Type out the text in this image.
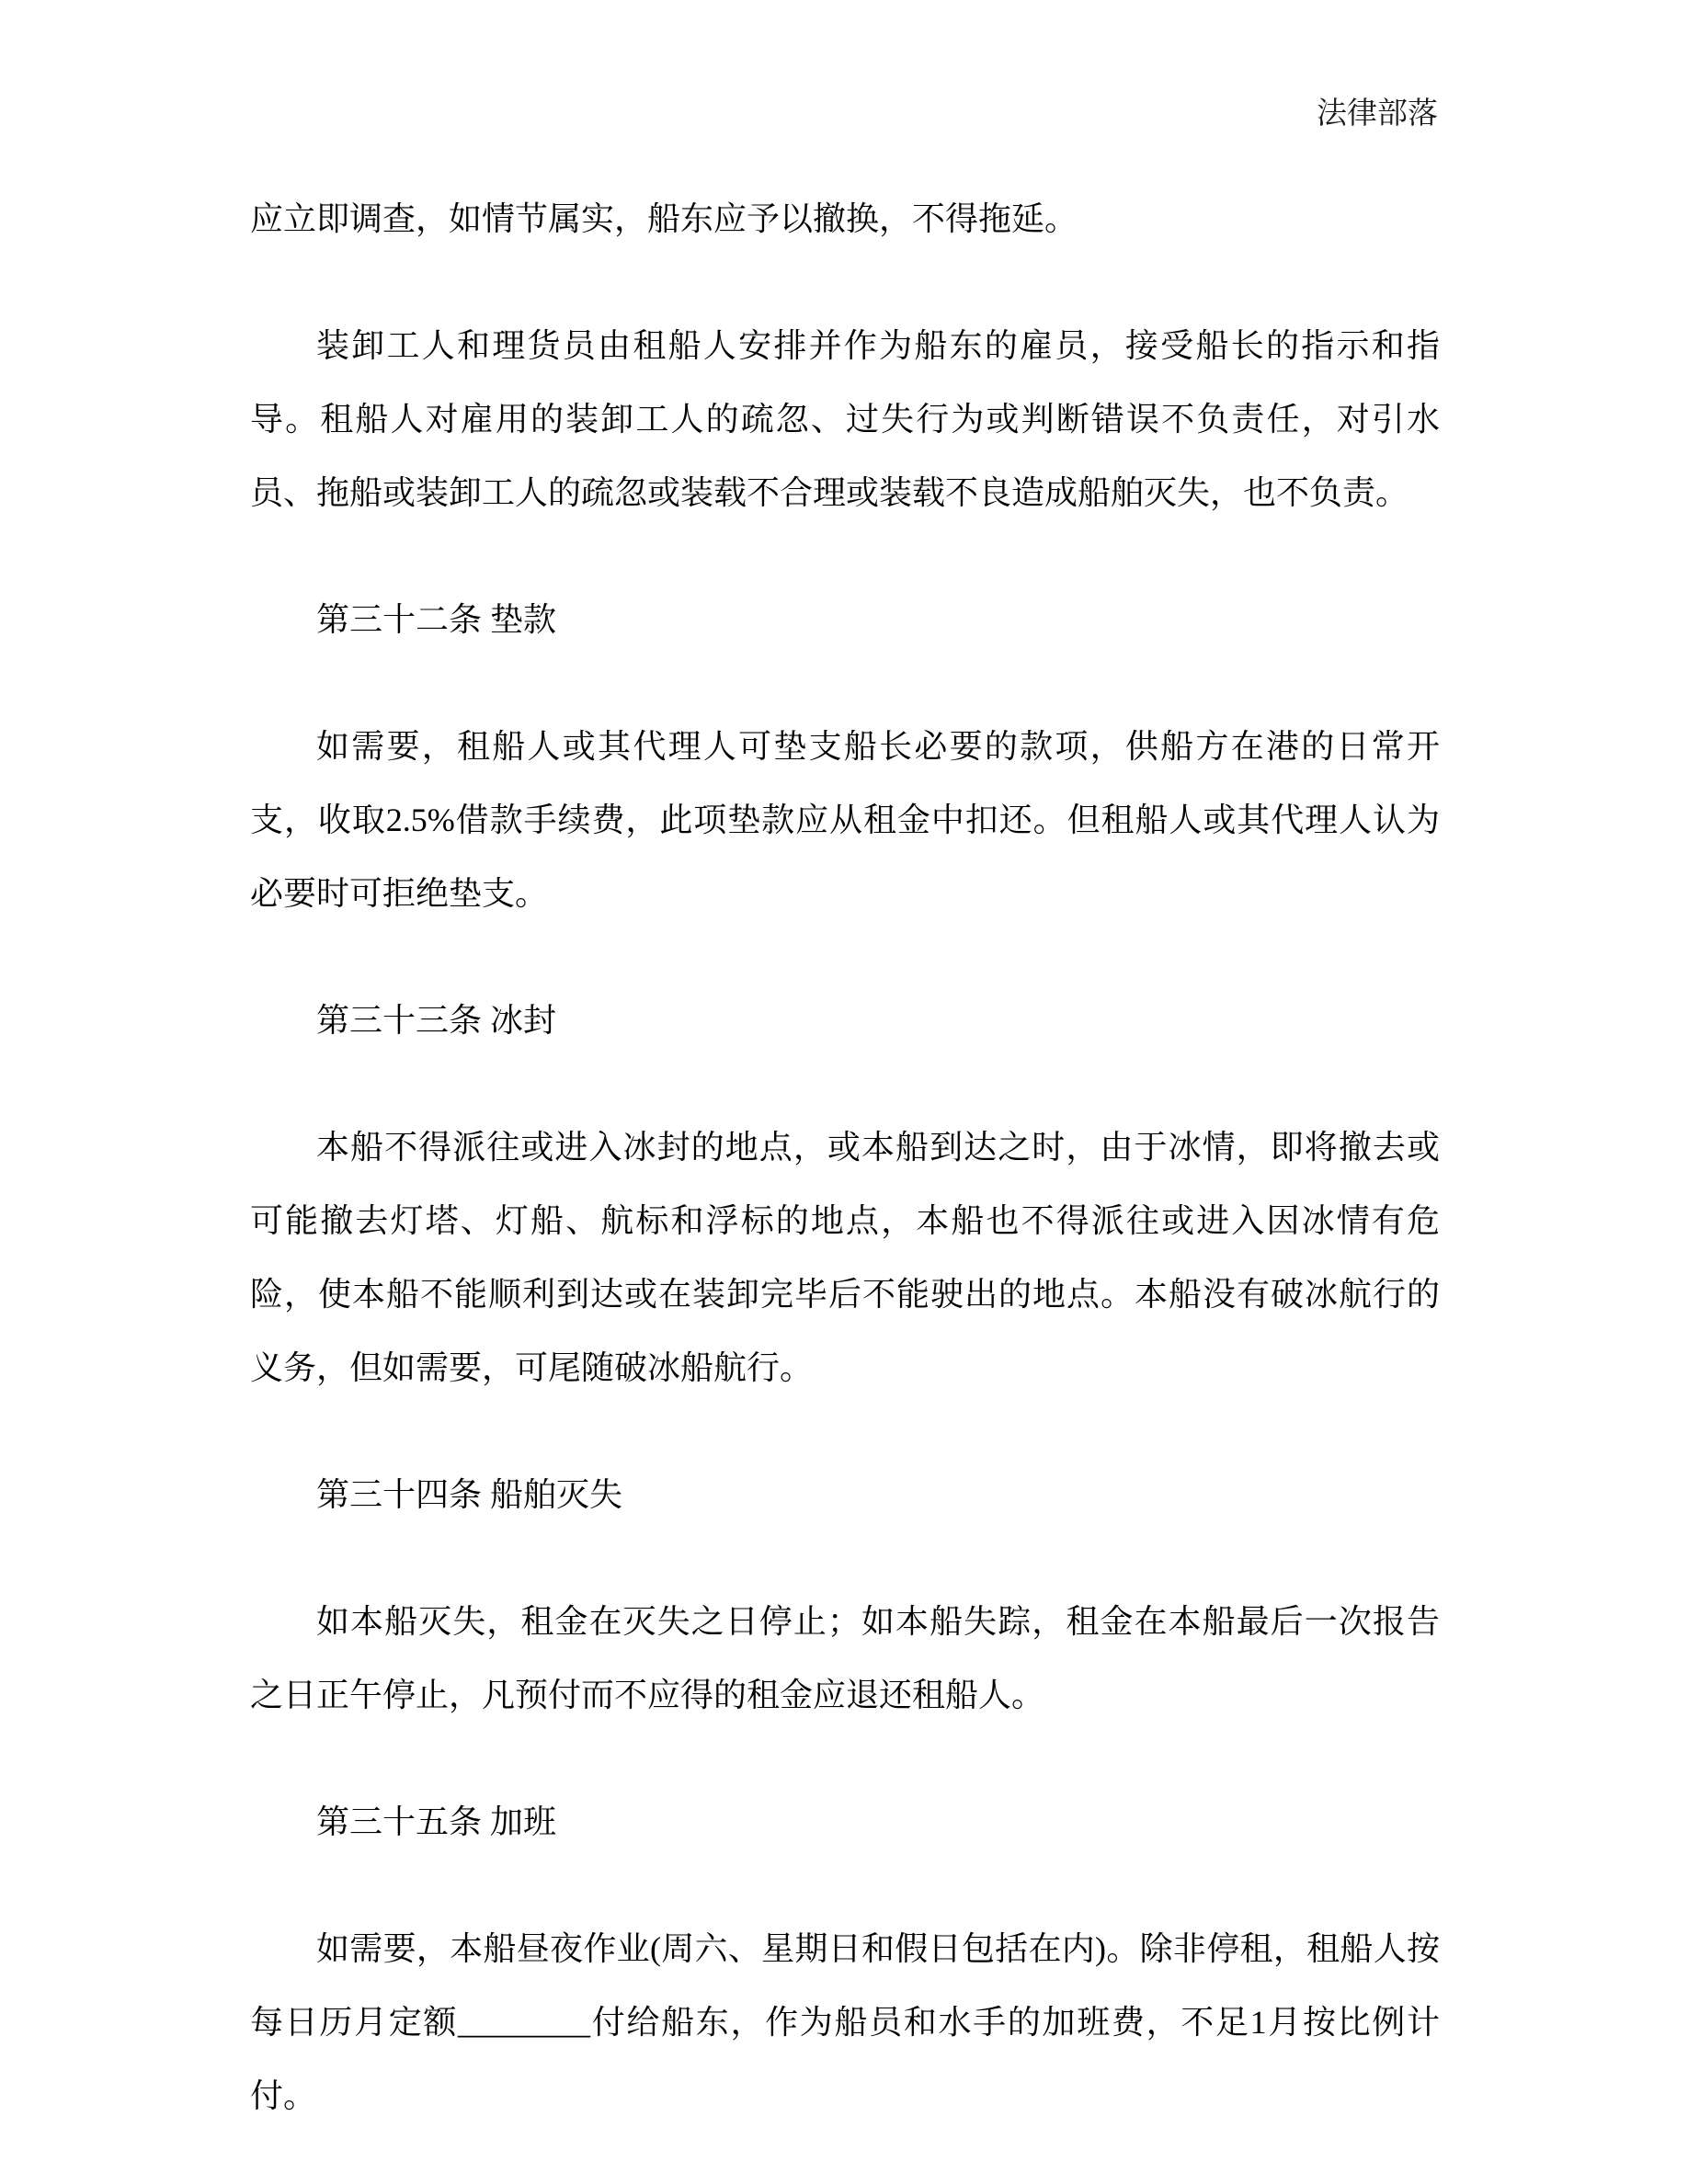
法律部落

应立即调查，如情节属实，船东应予以撤换，不得拖延。

装卸工人和理货员由租船人安排并作为船东的雇员，接受船长的指示和指导。租船人对雇用的装卸工人的疏忽、过失行为或判断错误不负责任，对引水员、拖船或装卸工人的疏忽或装载不合理或装载不良造成船舶灭失，也不负责。

第三十二条 垫款

如需要，租船人或其代理人可垫支船长必要的款项，供船方在港的日常开支，收取2.5%借款手续费，此项垫款应从租金中扣还。但租船人或其代理人认为必要时可拒绝垫支。

第三十三条 冰封

本船不得派往或进入冰封的地点，或本船到达之时，由于冰情，即将撤去或可能撤去灯塔、灯船、航标和浮标的地点，本船也不得派往或进入因冰情有危险，使本船不能顺利到达或在装卸完毕后不能驶出的地点。本船没有破冰航行的义务，但如需要，可尾随破冰船航行。

第三十四条 船舶灭失

如本船灭失，租金在灭失之日停止；如本船失踪，租金在本船最后一次报告之日正午停止，凡预付而不应得的租金应退还租船人。

第三十五条 加班

如需要，本船昼夜作业(周六、星期日和假日包括在内)。除非停租，租船人按每日历月定额________付给船东，作为船员和水手的加班费，不足1月按比例计付。
